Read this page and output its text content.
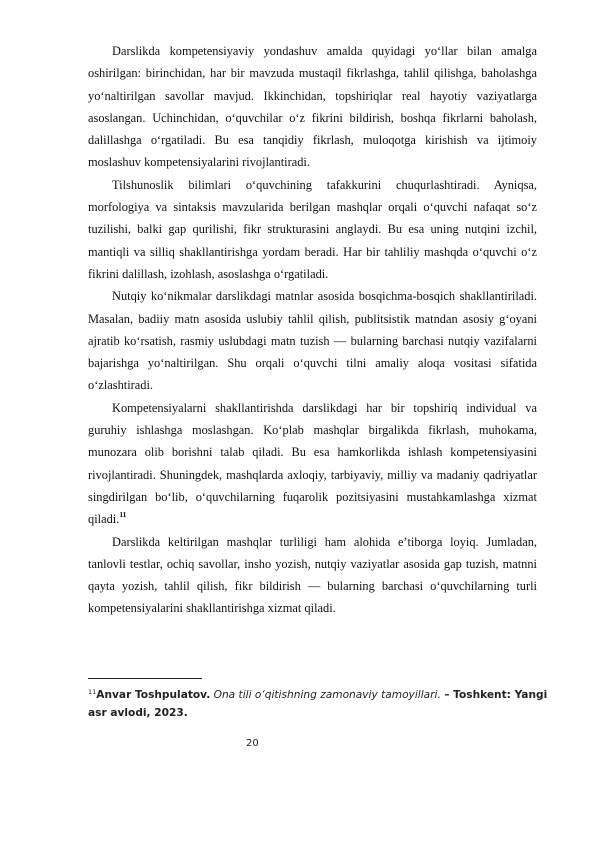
Darslikda kompetensiyaviy yondashuv amalda quyidagi yo‘llar bilan amalga oshirilgan: birinchidan, har bir mavzuda mustaqil fikrlashga, tahlil qilishga, baholashga yo‘naltirilgan savollar mavjud. Ikkinchidan, topshiriqlar real hayotiy vaziyatlarga asoslangan. Uchinchidan, o‘quvchilar o‘z fikrini bildirish, boshqa fikrlarni baholash, dalillashga o‘rgatiladi. Bu esa tanqidiy fikrlash, muloqotga kirishish va ijtimoiy moslashuv kompetensiyalarini rivojlantiradi.

Tilshunoslik bilimlari o‘quvchining tafakkurini chuqurlashtiradi. Ayniqsa, morfologiya va sintaksis mavzularida berilgan mashqlar orqali o‘quvchi nafaqat so‘z tuzilishi, balki gap qurilishi, fikr strukturasini anglaydi. Bu esa uning nutqini izchil, mantiqli va silliq shakllantirishga yordam beradi. Har bir tahliliy mashqda o‘quvchi o‘z fikrini dalillash, izohlash, asoslashga o‘rgatiladi.

Nutqiy ko‘nikmalar darslikdagi matnlar asosida bosqichma-bosqich shakllantiriladi. Masalan, badiiy matn asosida uslubiy tahlil qilish, publitsistik matndan asosiy g‘oyani ajratib ko‘rsatish, rasmiy uslubdagi matn tuzish — bularning barchasi nutqiy vazifalarni bajarishga yo‘naltirilgan. Shu orqali o‘quvchi tilni amaliy aloqa vositasi sifatida o‘zlashtiradi.

Kompetensiyalarni shakllantirishda darslikdagi har bir topshiriq individual va guruhiy ishlashga moslashgan. Ko‘plab mashqlar birgalikda fikrlash, muhokama, munozara olib borishni talab qiladi. Bu esa hamkorlikda ishlash kompetensiyasini rivojlantiradi. Shuningdek, mashqlarda axloqiy, tarbiyaviy, milliy va madaniy qadriyatlar singdirilgan bo‘lib, o‘quvchilarning fuqarolik pozitsiyasini mustahkamlashga xizmat qiladi.$^{11}$

Darslikda keltirilgan mashqlar turliligi ham alohida e’tiborga loyiq. Jumladan, tanlovli testlar, ochiq savollar, insho yozish, nutqiy vaziyatlar asosida gap tuzish, matnni qayta yozish, tahlil qilish, fikr bildirish — bularning barchasi o‘quvchilarning turli kompetensiyalarini shakllantirishga xizmat qiladi.

$^{11}$Anvar Toshpulatov. Ona tili o‘qitishning zamonaviy tamoyillari. – Toshkent: Yangi asr avlodi, 2023.

20
